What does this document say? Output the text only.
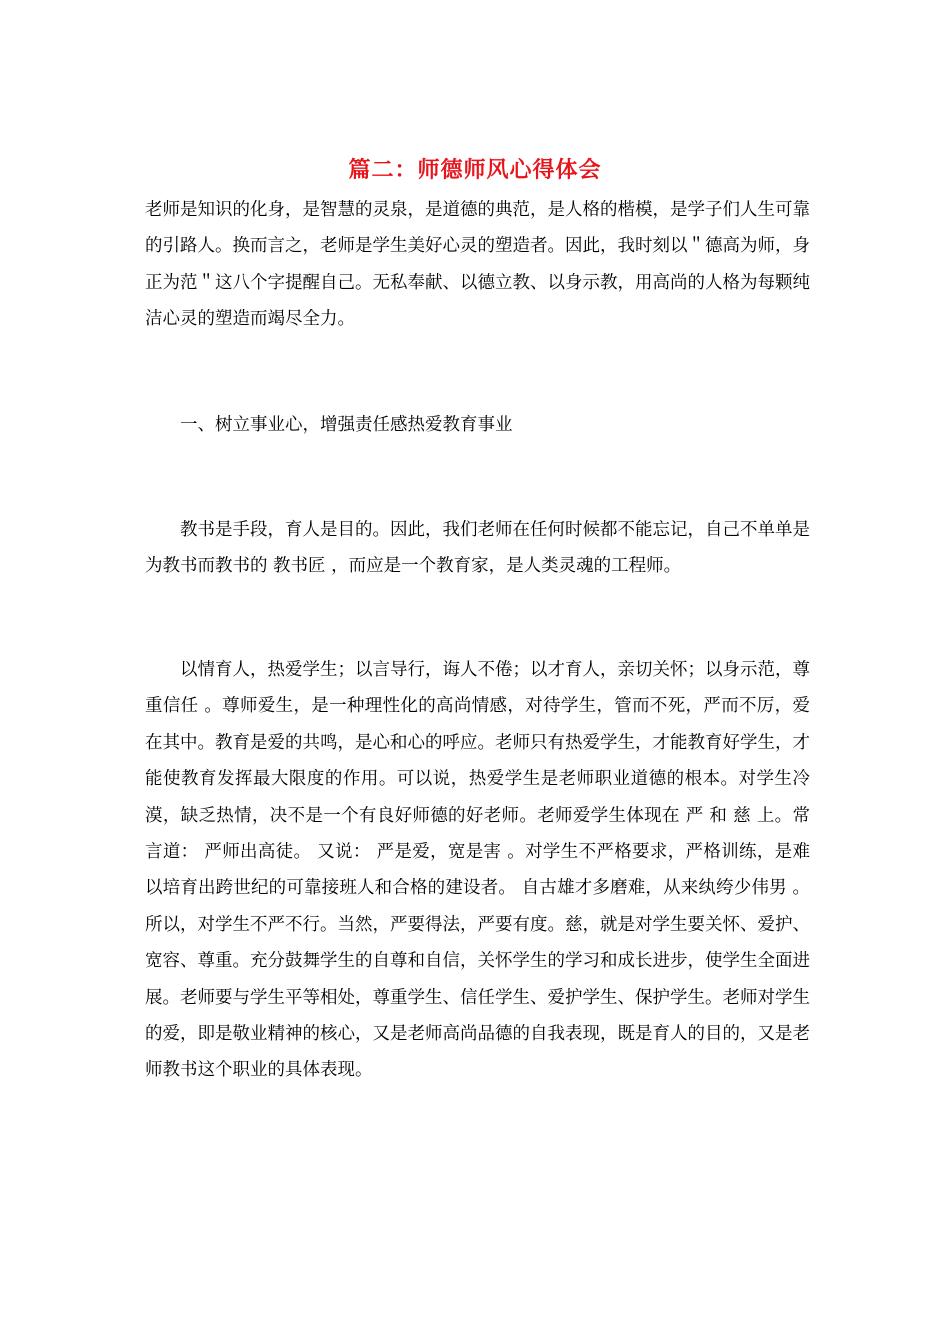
篇二：师德师风心得体会

老师是知识的化身，是智慧的灵泉，是道德的典范，是人格的楷模，是学子们人生可靠的引路人。换而言之，老师是学生美好心灵的塑造者。因此，我时刻以＂德高为师，身正为范＂这八个字提醒自己。无私奉献、以德立教、以身示教，用高尚的人格为每颗纯洁心灵的塑造而竭尽全力。

一、树立事业心，增强责任感热爱教育事业

教书是手段，育人是目的。因此，我们老师在任何时候都不能忘记，自己不单单是为教书而教书的 教书匠 ，而应是一个教育家，是人类灵魂的工程师。

以情育人，热爱学生；以言导行，诲人不倦；以才育人，亲切关怀；以身示范，尊重信任 。尊师爱生，是一种理性化的高尚情感，对待学生，管而不死，严而不厉，爱在其中。教育是爱的共鸣，是心和心的呼应。老师只有热爱学生，才能教育好学生，才能使教育发挥最大限度的作用。可以说，热爱学生是老师职业道德的根本。对学生冷漠，缺乏热情，决不是一个有良好师德的好老师。老师爱学生体现在 严 和 慈 上。常言道： 严师出高徒。 又说： 严是爱，宽是害 。对学生不严格要求，严格训练，是难以培育出跨世纪的可靠接班人和合格的建设者。 自古雄才多磨难，从来纨绔少伟男 。所以，对学生不严不行。当然，严要得法，严要有度。慈，就是对学生要关怀、爱护、宽容、尊重。充分鼓舞学生的自尊和自信，关怀学生的学习和成长进步，使学生全面进展。老师要与学生平等相处，尊重学生、信任学生、爱护学生、保护学生。老师对学生的爱，即是敬业精神的核心，又是老师高尚品德的自我表现，既是育人的目的，又是老师教书这个职业的具体表现。
